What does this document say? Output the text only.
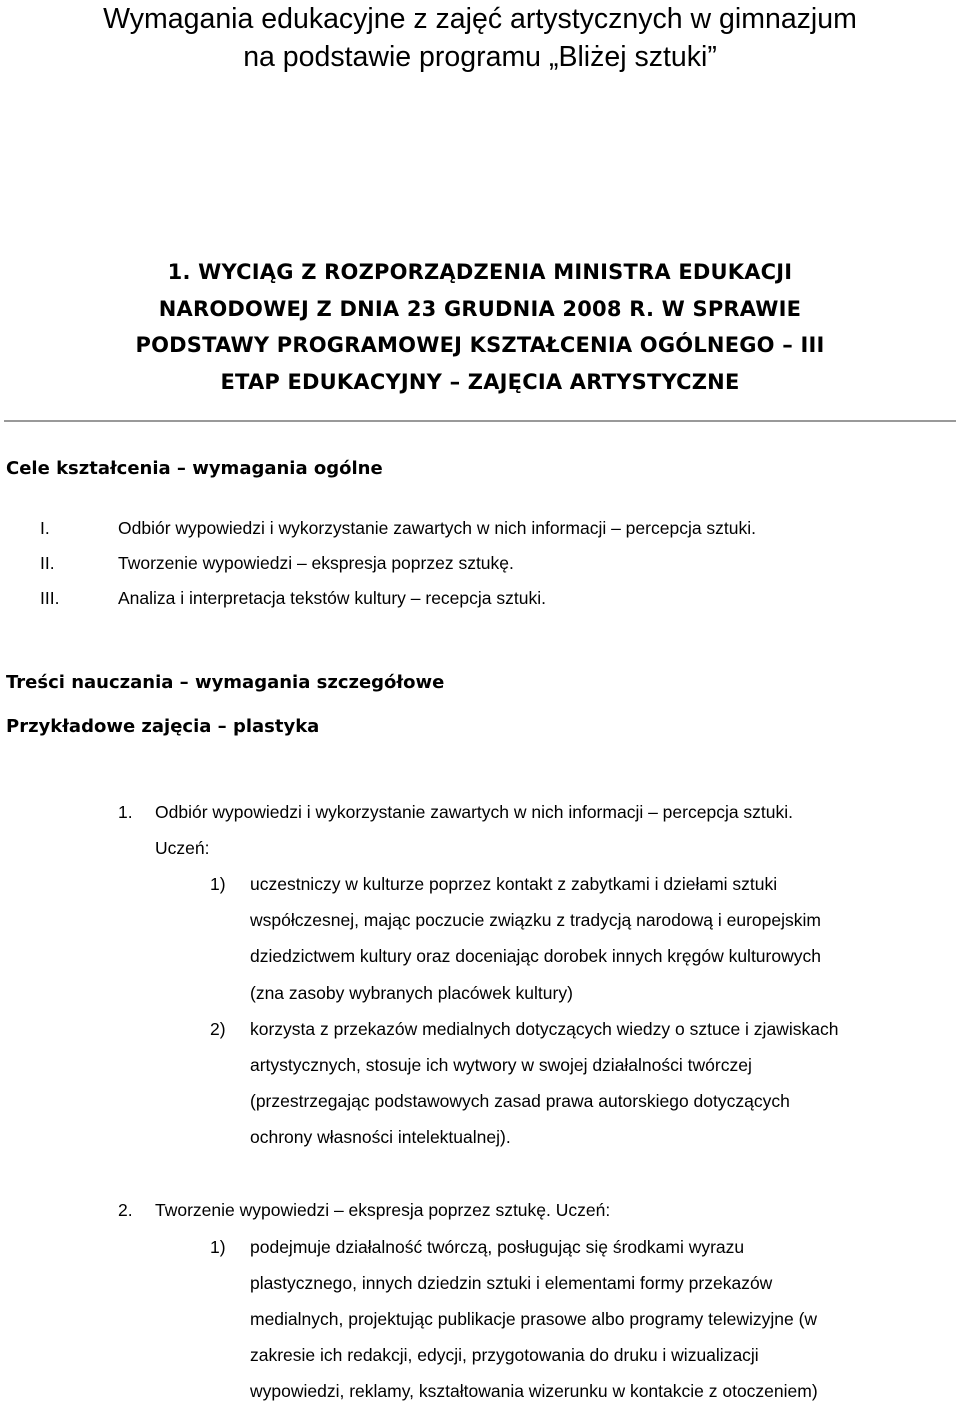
Wymagania edukacyjne z zajęć artystycznych w gimnazjum
na podstawie programu „Bliżej sztuki”
1. WYCIĄG Z ROZPORZĄDZENIA MINISTRA EDUKACJI
NARODOWEJ Z DNIA 23 GRUDNIA 2008 R. W SPRAWIE
PODSTAWY PROGRAMOWEJ KSZTAŁCENIA OGÓLNEGO – III
ETAP EDUKACYJNY – ZAJĘCIA ARTYSTYCZNE
Cele kształcenia – wymagania ogólne
I.	Odbiór wypowiedzi i wykorzystanie zawartych w nich informacji – percepcja sztuki.
II.	Tworzenie wypowiedzi – ekspresja poprzez sztukę.
III.	Analiza i interpretacja tekstów kultury – recepcja sztuki.
Treści nauczania – wymagania szczegółowe
Przykładowe zajęcia – plastyka
1. Odbiór wypowiedzi i wykorzystanie zawartych w nich informacji – percepcja sztuki.
Uczeń:
1) uczestniczy w kulturze poprzez kontakt z zabytkami i dziełami sztuki
współczesnej, mając poczucie związku z tradycją narodową i europejskim
dziedzictwem kultury oraz doceniając dorobek innych kręgów kulturowych
(zna zasoby wybranych placówek kultury)
2) korzysta z przekazów medialnych dotyczących wiedzy o sztuce i zjawiskach
artystycznych, stosuje ich wytwory w swojej działalności twórczej
(przestrzegając podstawowych zasad prawa autorskiego dotyczących
ochrony własności intelektualnej).
2. Tworzenie wypowiedzi – ekspresja poprzez sztukę. Uczeń:
1) podejmuje działalność twórczą, posługując się środkami wyrazu
plastycznego, innych dziedzin sztuki i elementami formy przekazów
medialnych, projektując publikacje prasowe albo programy telewizyjne (w
zakresie ich redakcji, edycji, przygotowania do druku i wizualizacji
wypowiedzi, reklamy, kształtowania wizerunku w kontakcie z otoczeniem)
